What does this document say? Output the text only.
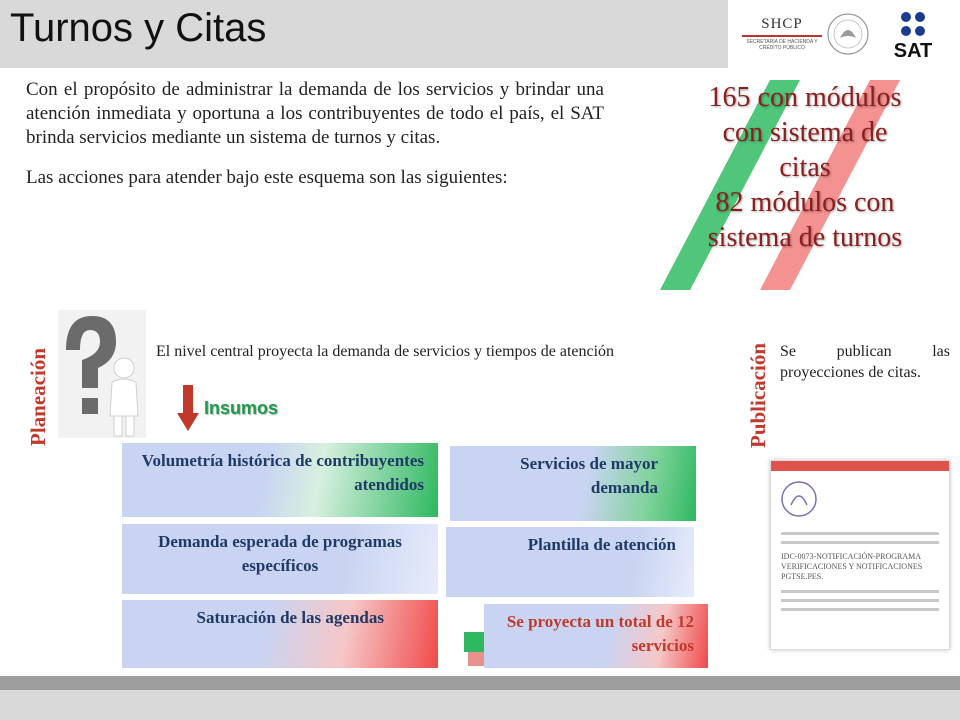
Turnos y Citas	SHCP
SECRETARÍA DE HACIENDA Y CRÉDITO PÚBLICO	SAT

Con el propósito de administrar la demanda de los servicios y brindar una atención inmediata y oportuna a los contribuyentes de todo el país, el SAT brinda servicios mediante un sistema de turnos y citas.

Las acciones para atender bajo este esquema son las siguientes:

165 con módulos
con sistema de
citas
82 módulos con
sistema de turnos
Planeación	Publicación
El nivel central proyecta la demanda de servicios y tiempos de atención
Insumos
Volumetría histórica de contribuyentes atendidos
Servicios de mayor demanda
Demanda esperada de programas específicos
Plantilla de atención
Saturación de las agendas	Se proyecta un total de 12 servicios
Se publican las proyecciones de citas.
IDC-0073-NOTIFICACIÓN-PROGRAMA VERIFICACIONES Y NOTIFICACIONES PGTSE.PES.
